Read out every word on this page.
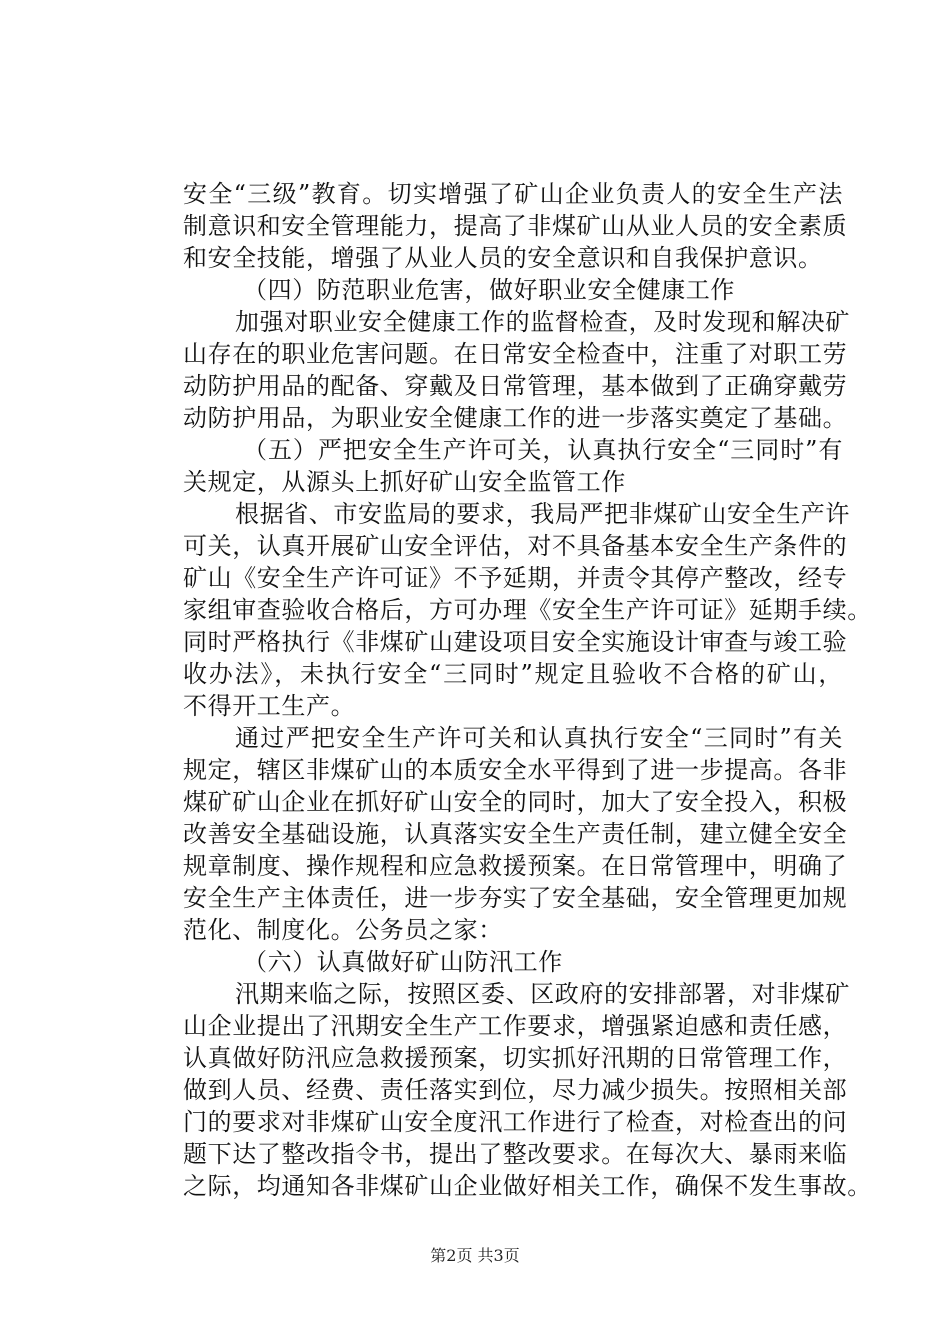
安全“三级”教育。切实增强了矿山企业负责人的安全生产法
制意识和安全管理能力，提高了非煤矿山从业人员的安全素质
和安全技能，增强了从业人员的安全意识和自我保护意识。
（四）防范职业危害，做好职业安全健康工作
加强对职业安全健康工作的监督检查，及时发现和解决矿
山存在的职业危害问题。在日常安全检查中，注重了对职工劳
动防护用品的配备、穿戴及日常管理，基本做到了正确穿戴劳
动防护用品，为职业安全健康工作的进一步落实奠定了基础。
（五）严把安全生产许可关，认真执行安全“三同时”有
关规定，从源头上抓好矿山安全监管工作
根据省、市安监局的要求，我局严把非煤矿山安全生产许
可关，认真开展矿山安全评估，对不具备基本安全生产条件的
矿山《安全生产许可证》不予延期，并责令其停产整改，经专
家组审查验收合格后，方可办理《安全生产许可证》延期手续。
同时严格执行《非煤矿山建设项目安全实施设计审查与竣工验
收办法》，未执行安全“三同时”规定且验收不合格的矿山，
不得开工生产。
通过严把安全生产许可关和认真执行安全“三同时”有关
规定，辖区非煤矿山的本质安全水平得到了进一步提高。各非
煤矿矿山企业在抓好矿山安全的同时，加大了安全投入，积极
改善安全基础设施，认真落实安全生产责任制，建立健全安全
规章制度、操作规程和应急救援预案。在日常管理中，明确了
安全生产主体责任，进一步夯实了安全基础，安全管理更加规
范化、制度化。公务员之家：
（六）认真做好矿山防汛工作
汛期来临之际，按照区委、区政府的安排部署，对非煤矿
山企业提出了汛期安全生产工作要求，增强紧迫感和责任感，
认真做好防汛应急救援预案，切实抓好汛期的日常管理工作，
做到人员、经费、责任落实到位，尽力减少损失。按照相关部
门的要求对非煤矿山安全度汛工作进行了检查，对检查出的问
题下达了整改指令书，提出了整改要求。在每次大、暴雨来临
之际，均通知各非煤矿山企业做好相关工作，确保不发生事故。
第2页 共3页
